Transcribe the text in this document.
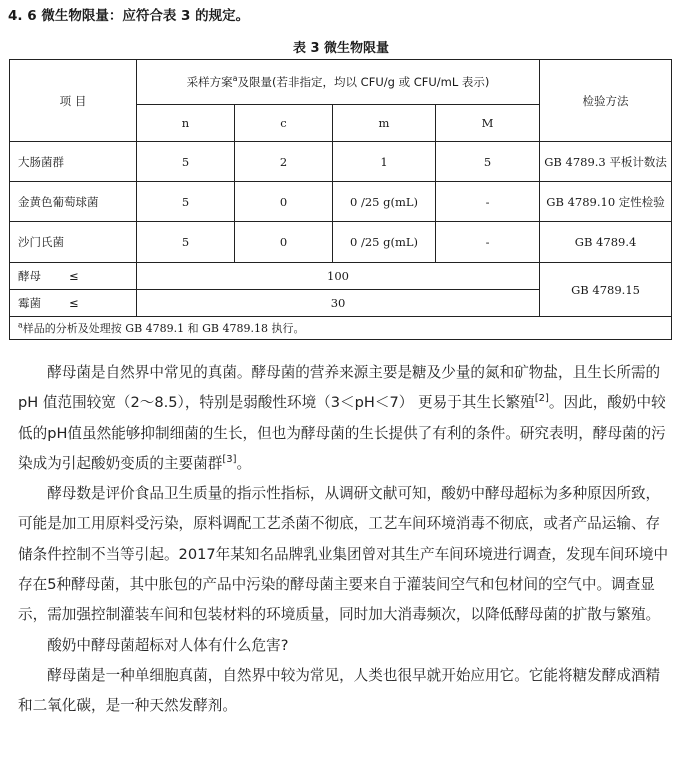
4. 6 微生物限量：应符合表 3 的规定。
表 3 微生物限量
项 目	采样方案$^a$及限量(若非指定，均以 CFU/g 或 CFU/mL 表示)				检验方法
	n	c	m	M	
大肠菌群	5	2	1	5	GB 4789.3 平板计数法
金黄色葡萄球菌	5	0	0 /25 g(mL)	-	GB 4789.10 定性检验
沙门氏菌	5	0	0 /25 g(mL)	-	GB 4789.4
酵母 ≤	100				GB 4789.15
霉菌 ≤	30				
$^a$样品的分析及处理按 GB 4789.1 和 GB 4789.18 执行。					

酵母菌是自然界中常见的真菌。酵母菌的营养来源主要是糖及少量的氮和矿物盐，且生长所需的pH 值范围较宽（2～8.5），特别是弱酸性环境（3＜pH＜7） 更易于其生长繁殖[2]。因此，酸奶中较低的pH值虽然能够抑制细菌的生长，但也为酵母菌的生长提供了有利的条件。研究表明，酵母菌的污染成为引起酸奶变质的主要菌群[3]。

酵母数是评价食品卫生质量的指示性指标，从调研文献可知，酸奶中酵母超标为多种原因所致，可能是加工用原料受污染，原料调配工艺杀菌不彻底，工艺车间环境消毒不彻底，或者产品运输、存储条件控制不当等引起。2017年某知名品牌乳业集团曾对其生产车间环境进行调查，发现车间环境中存在5种酵母菌，其中胀包的产品中污染的酵母菌主要来自于灌装间空气和包材间的空气中。调查显示，需加强控制灌装车间和包装材料的环境质量，同时加大消毒频次，以降低酵母菌的扩散与繁殖。

酸奶中酵母菌超标对人体有什么危害?

酵母菌是一种单细胞真菌，自然界中较为常见，人类也很早就开始应用它。它能将糖发酵成酒精和二氧化碳，是一种天然发酵剂。
